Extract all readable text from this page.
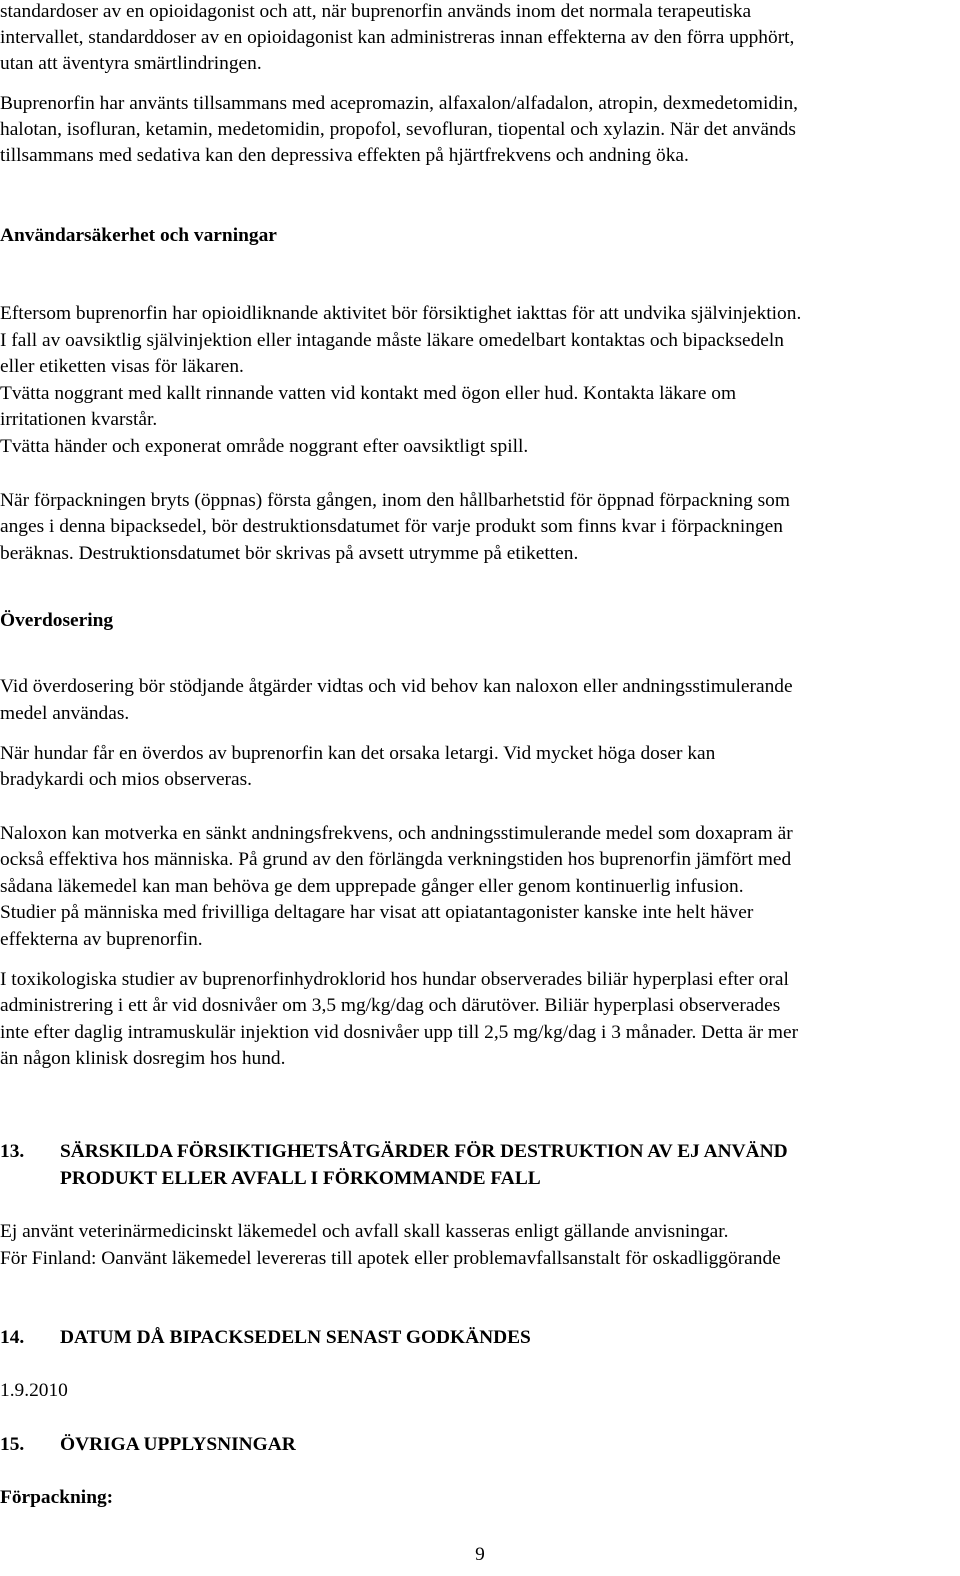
standardoser av en opioidagonist och att, när buprenorfin används inom det normala terapeutiska
intervallet, standarddoser av en opioidagonist kan administreras innan effekterna av den förra upphört,
utan att äventyra smärtlindringen.
Buprenorfin har använts tillsammans med acepromazin, alfaxalon/alfadalon, atropin, dexmedetomidin,
halotan, isofluran, ketamin, medetomidin, propofol, sevofluran, tiopental och xylazin. När det används
tillsammans med sedativa kan den depressiva effekten på hjärtfrekvens och andning öka.
Användarsäkerhet och varningar
Eftersom buprenorfin har opioidliknande aktivitet bör försiktighet iakttas för att undvika självinjektion.
I fall av oavsiktlig självinjektion eller intagande måste läkare omedelbart kontaktas och bipacksedeln
eller etiketten visas för läkaren.
Tvätta noggrant med kallt rinnande vatten vid kontakt med ögon eller hud. Kontakta läkare om
irritationen kvarstår.
Tvätta händer och exponerat område noggrant efter oavsiktligt spill.
När förpackningen bryts (öppnas) första gången, inom den hållbarhetstid för öppnad förpackning som
anges i denna bipacksedel, bör destruktionsdatumet för varje produkt som finns kvar i förpackningen
beräknas. Destruktionsdatumet bör skrivas på avsett utrymme på etiketten.
Överdosering
Vid överdosering bör stödjande åtgärder vidtas och vid behov kan naloxon eller andningsstimulerande
medel användas.
När hundar får en överdos av buprenorfin kan det orsaka letargi. Vid mycket höga doser kan
bradykardi och mios observeras.
Naloxon kan motverka en sänkt andningsfrekvens, och andningsstimulerande medel som doxapram är
också effektiva hos människa. På grund av den förlängda verkningstiden hos buprenorfin jämfört med
sådana läkemedel kan man behöva ge dem upprepade gånger eller genom kontinuerlig infusion.
Studier på människa med frivilliga deltagare har visat att opiatantagonister kanske inte helt häver
effekterna av buprenorfin.
I toxikologiska studier av buprenorfinhydroklorid hos hundar observerades biliär hyperplasi efter oral
administrering i ett år vid dosnivåer om 3,5 mg/kg/dag och därutöver. Biliär hyperplasi observerades
inte efter daglig intramuskulär injektion vid dosnivåer upp till 2,5 mg/kg/dag i 3 månader. Detta är mer
än någon klinisk dosregim hos hund.
13. SÄRSKILDA FÖRSIKTIGHETSÅTGÄRDER FÖR DESTRUKTION AV EJ ANVÄND
PRODUKT ELLER AVFALL I FÖRKOMMANDE FALL
Ej använt veterinärmedicinskt läkemedel och avfall skall kasseras enligt gällande anvisningar.
För Finland: Oanvänt läkemedel levereras till apotek eller problemavfallsanstalt för oskadliggörande
14. DATUM DÅ BIPACKSEDELN SENAST GODKÄNDES
1.9.2010
15. ÖVRIGA UPPLYSNINGAR
Förpackning:
9
